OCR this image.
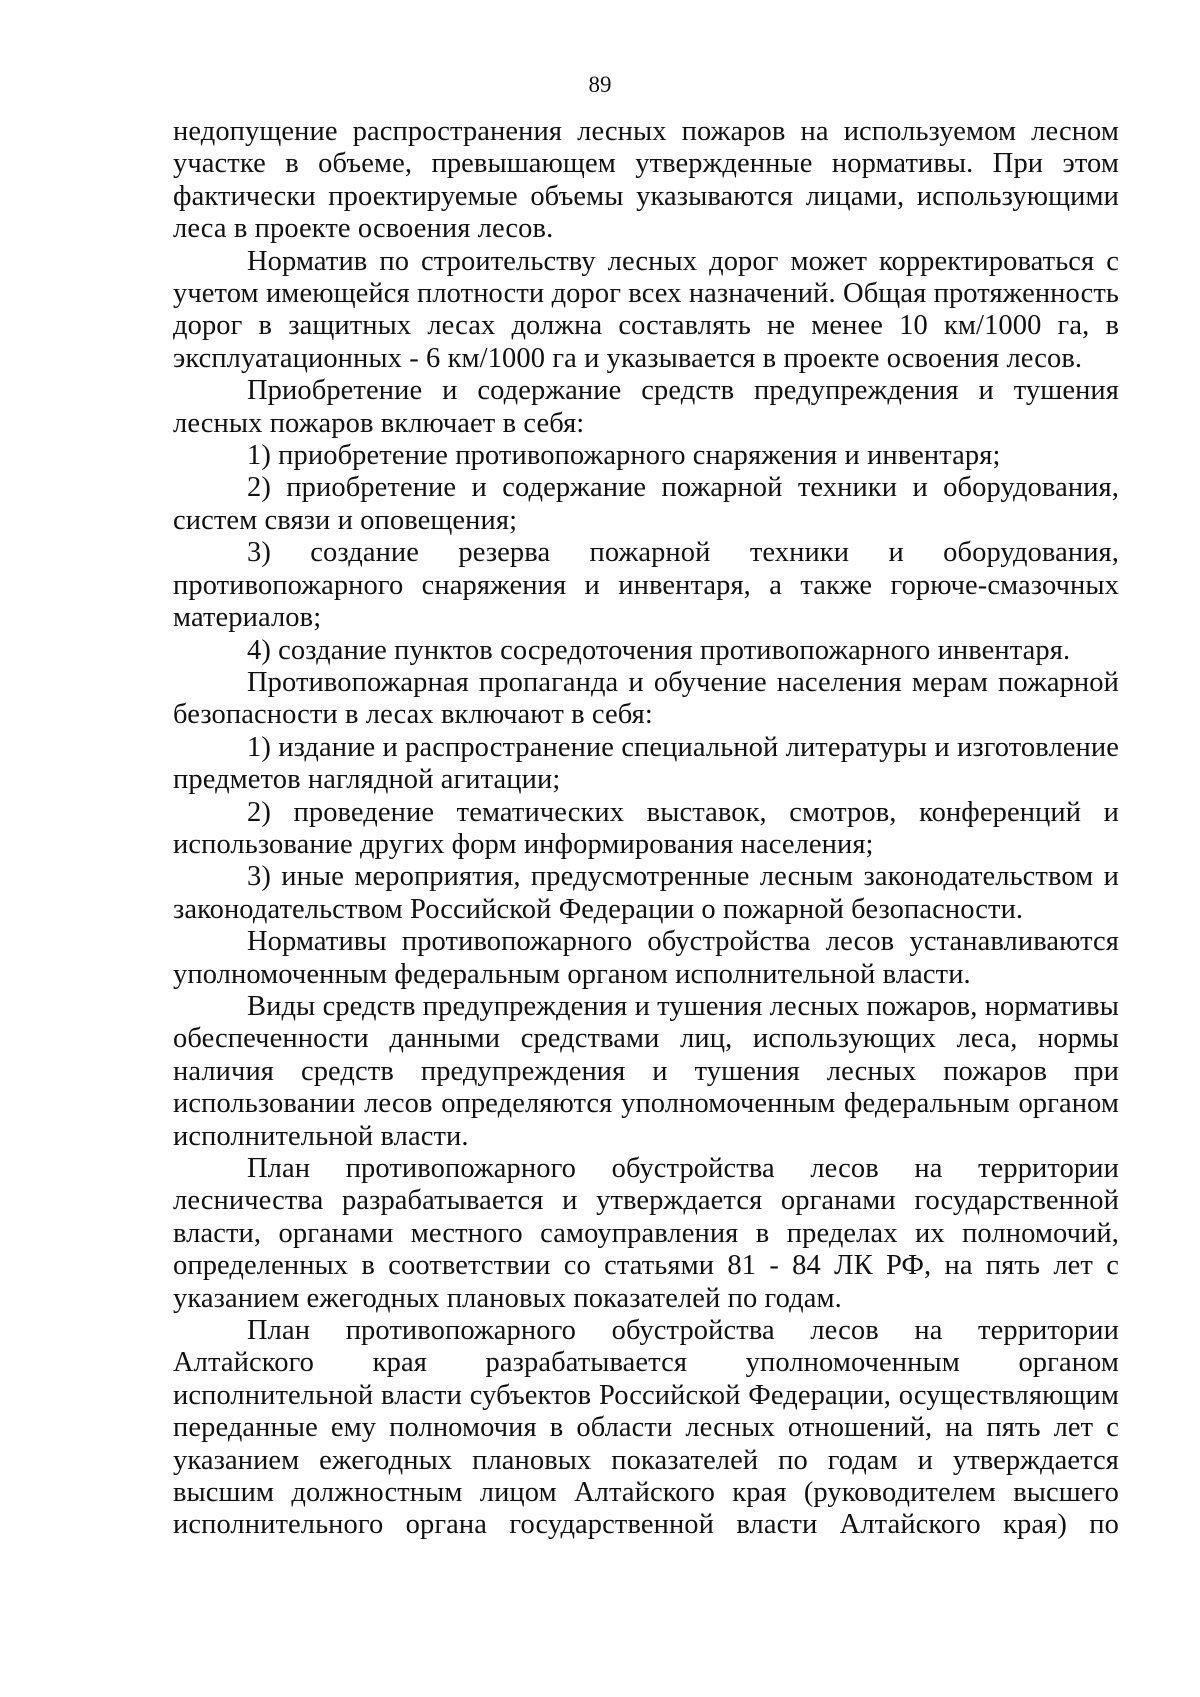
89

недопущение распространения лесных пожаров на используемом лесном участке в объеме, превышающем утвержденные нормативы. При этом фактически проектируемые объемы указываются лицами, использующими леса в проекте освоения лесов.

Норматив по строительству лесных дорог может корректироваться с учетом имеющейся плотности дорог всех назначений. Общая протяженность дорог в защитных лесах должна составлять не менее 10 км/1000 га, в эксплуатационных - 6 км/1000 га и указывается в проекте освоения лесов.

Приобретение и содержание средств предупреждения и тушения лесных пожаров включает в себя:

1) приобретение противопожарного снаряжения и инвентаря;

2) приобретение и содержание пожарной техники и оборудования, систем связи и оповещения;

3) создание резерва пожарной техники и оборудования, противопожарного снаряжения и инвентаря, а также горюче-смазочных материалов;

4) создание пунктов сосредоточения противопожарного инвентаря.

Противопожарная пропаганда и обучение населения мерам пожарной безопасности в лесах включают в себя:

1) издание и распространение специальной литературы и изготовление предметов наглядной агитации;

2) проведение тематических выставок, смотров, конференций и использование других форм информирования населения;

3) иные мероприятия, предусмотренные лесным законодательством и законодательством Российской Федерации о пожарной безопасности.

Нормативы противопожарного обустройства лесов устанавливаются уполномоченным федеральным органом исполнительной власти.

Виды средств предупреждения и тушения лесных пожаров, нормативы обеспеченности данными средствами лиц, использующих леса, нормы наличия средств предупреждения и тушения лесных пожаров при использовании лесов определяются уполномоченным федеральным органом исполнительной власти.

План противопожарного обустройства лесов на территории лесничества разрабатывается и утверждается органами государственной власти, органами местного самоуправления в пределах их полномочий, определенных в соответствии со статьями 81 - 84 ЛК РФ, на пять лет с указанием ежегодных плановых показателей по годам.

План противопожарного обустройства лесов на территории Алтайского края разрабатывается уполномоченным органом исполнительной власти субъектов Российской Федерации, осуществляющим переданные ему полномочия в области лесных отношений, на пять лет с указанием ежегодных плановых показателей по годам и утверждается высшим должностным лицом Алтайского края (руководителем высшего исполнительного органа государственной власти Алтайского края) по
